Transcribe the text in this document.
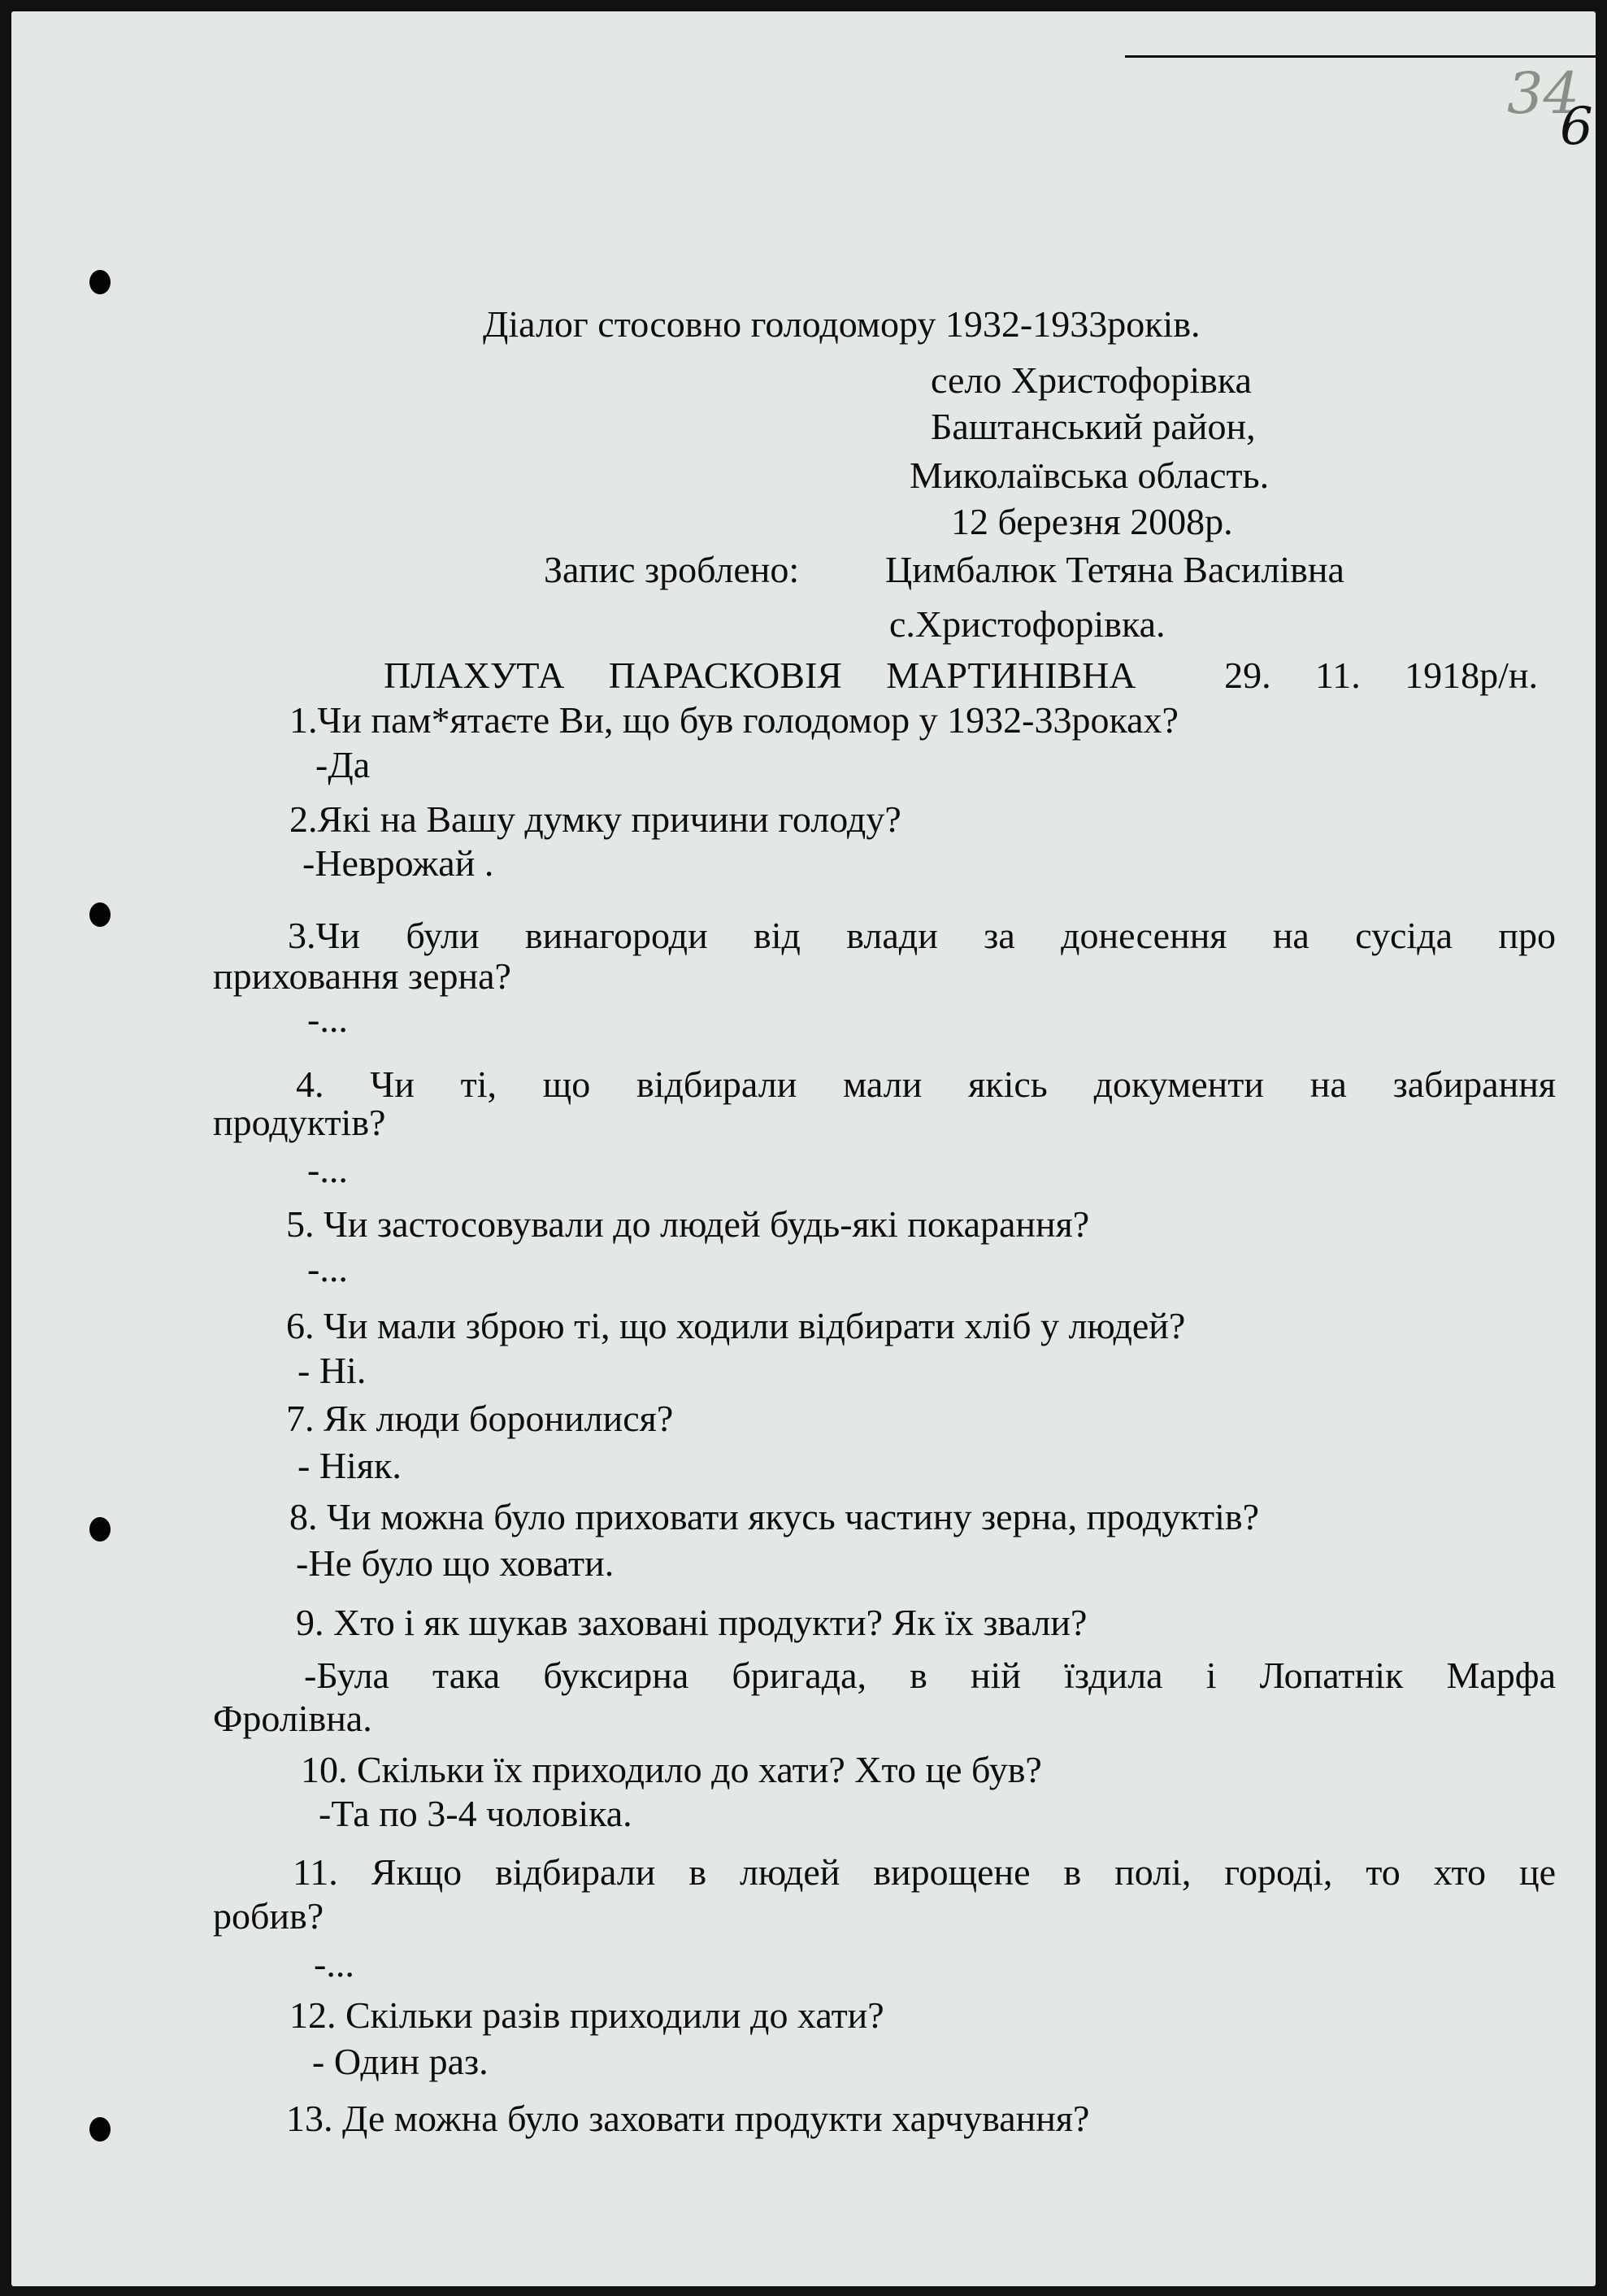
34
6
Діалог стосовно голодомору 1932-1933років.
село Христофорівка
Баштанський район,
Миколаївська область.
12 березня 2008р.
Запис зроблено: Цимбалюк Тетяна Василівна
с.Христофорівка.
ПЛАХУТА ПАРАСКОВІЯ МАРТИНІВНА  29. 11. 1918р/н.
1.Чи пам*ятаєте Ви, що був голодомор у 1932-33роках?
-Да
2.Які на Вашу думку причини голоду?
-Неврожай .
3.Чи були винагороди від влади за донесення на сусіда про
приховання зерна?
-...
4. Чи ті, що відбирали мали якісь документи на забирання
продуктів?
-...
5. Чи застосовували до людей будь-які покарання?
-...
6. Чи мали зброю ті, що ходили відбирати хліб у людей?
- Ні.
7. Як люди боронилися?
- Ніяк.
8. Чи можна було приховати якусь частину зерна, продуктів?
-Не було що ховати.
9. Хто і як шукав заховані продукти? Як їх звали?
-Була така буксирна бригада, в ній їздила і Лопатнік Марфа
Фролівна.
10. Скільки їх приходило до хати? Хто це був?
-Та по 3-4 чоловіка.
11. Якщо відбирали в людей вирощене в полі, городі, то хто це
робив?
-...
12. Скільки разів приходили до хати?
- Один раз.
13. Де можна було заховати продукти харчування?
